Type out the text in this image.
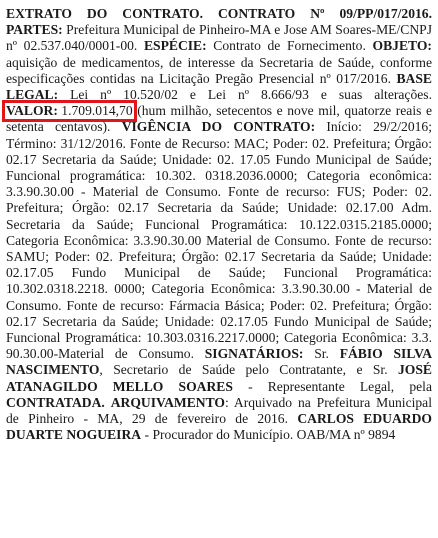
EXTRATO DO CONTRATO. CONTRATO Nº 09/PP/017/2016. PARTES: Prefeitura Municipal de Pinheiro-MA e Jose AM Soares-ME/CNPJ nº 02.537.040/0001-00. ESPÉCIE: Contrato de Fornecimento. OBJETO: aquisição de medicamentos, de interesse da Secretaria de Saúde, conforme especificações contidas na Licitação Pregão Presencial nº 017/2016. BASE LEGAL: Lei nº 10.520/02 e Lei nº 8.666/93 e suas alterações. VALOR: 1.709.014,70 (hum milhão, setecentos e nove mil, quatorze reais e setenta centavos). VIGÊNCIA DO CONTRATO: Início: 29/2/2016; Término: 31/12/2016. Fonte de Recurso: MAC; Poder: 02. Prefeitura; Órgão: 02.17 Secretaria da Saúde; Unidade: 02. 17.05 Fundo Municipal de Saúde; Funcional programática: 10.302. 0318.2036.0000; Categoria econômica: 3.3.90.30.00 - Material de Consumo. Fonte de recurso: FUS; Poder: 02. Prefeitura; Órgão: 02.17 Secretaria da Saúde; Unidade: 02.17.00 Adm. Secretaria da Saúde; Funcional Programática: 10.122.0315.2185.0000; Categoria Econômica: 3.3.90.30.00 Material de Consumo. Fonte de recurso: SAMU; Poder: 02. Prefeitura; Órgão: 02.17 Secretaria da Saúde; Unidade: 02.17.05 Fundo Municipal de Saúde; Funcional Programática: 10.302.0318.2218. 0000; Categoria Econômica: 3.3.90.30.00 - Material de Consumo. Fonte de recurso: Fármacia Básica; Poder: 02. Prefeitura; Órgão: 02.17 Secretaria da Saúde; Unidade: 02.17.05 Fundo Municipal de Saúde; Funcional Programática: 10.303.0316.2217.0000; Categoria Econômica: 3.3. 90.30.00-Material de Consumo. SIGNATÁRIOS: Sr. FÁBIO SILVA NASCIMENTO, Secretario de Saúde pelo Contratante, e Sr. JOSÉ ATANAGILDO MELLO SOARES - Representante Legal, pela CONTRATADA. ARQUIVAMENTO: Arquivado na Prefeitura Municipal de Pinheiro - MA, 29 de fevereiro de 2016. CARLOS EDUARDO DUARTE NOGUEIRA - Procurador do Município. OAB/MA nº 9894
